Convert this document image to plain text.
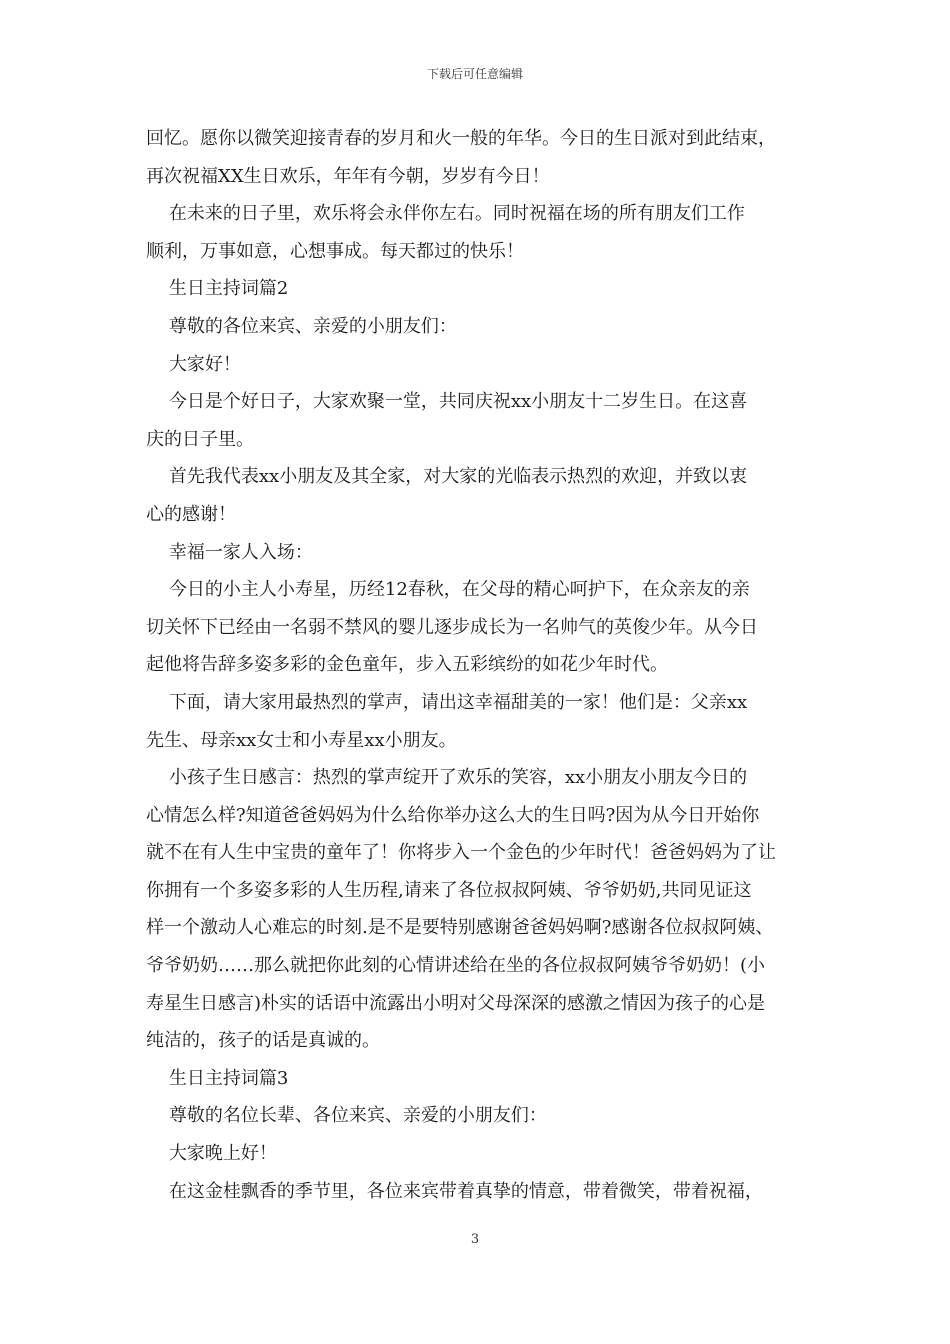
下载后可任意编辑

回忆。愿你以微笑迎接青春的岁月和火一般的年华。今日的生日派对到此结束，

再次祝福XX生日欢乐，年年有今朝，岁岁有今日！

在未来的日子里，欢乐将会永伴你左右。同时祝福在场的所有朋友们工作

顺利，万事如意，心想事成。每天都过的快乐！

生日主持词篇2

尊敬的各位来宾、亲爱的小朋友们：

大家好！

今日是个好日子，大家欢聚一堂，共同庆祝xx小朋友十二岁生日。在这喜

庆的日子里。

首先我代表xx小朋友及其全家，对大家的光临表示热烈的欢迎，并致以衷

心的感谢！

幸福一家人入场：

今日的小主人小寿星，历经12春秋，在父母的精心呵护下，在众亲友的亲

切关怀下已经由一名弱不禁风的婴儿逐步成长为一名帅气的英俊少年。从今日

起他将告辞多姿多彩的金色童年，步入五彩缤纷的如花少年时代。

下面，请大家用最热烈的掌声，请出这幸福甜美的一家！他们是：父亲xx

先生、母亲xx女士和小寿星xx小朋友。

小孩子生日感言：热烈的掌声绽开了欢乐的笑容，xx小朋友小朋友今日的

心情怎么样?知道爸爸妈妈为什么给你举办这么大的生日吗?因为从今日开始你

就不在有人生中宝贵的童年了！你将步入一个金色的少年时代！爸爸妈妈为了让

你拥有一个多姿多彩的人生历程,请来了各位叔叔阿姨、爷爷奶奶,共同见证这

样一个激动人心难忘的时刻.是不是要特别感谢爸爸妈妈啊?感谢各位叔叔阿姨、

爷爷奶奶……那么就把你此刻的心情讲述给在坐的各位叔叔阿姨爷爷奶奶！(小

寿星生日感言)朴实的话语中流露出小明对父母深深的感激之情因为孩子的心是

纯洁的，孩子的话是真诚的。

生日主持词篇3

尊敬的名位长辈、各位来宾、亲爱的小朋友们：

大家晚上好！

在这金桂飘香的季节里，各位来宾带着真挚的情意，带着微笑，带着祝福，

3
